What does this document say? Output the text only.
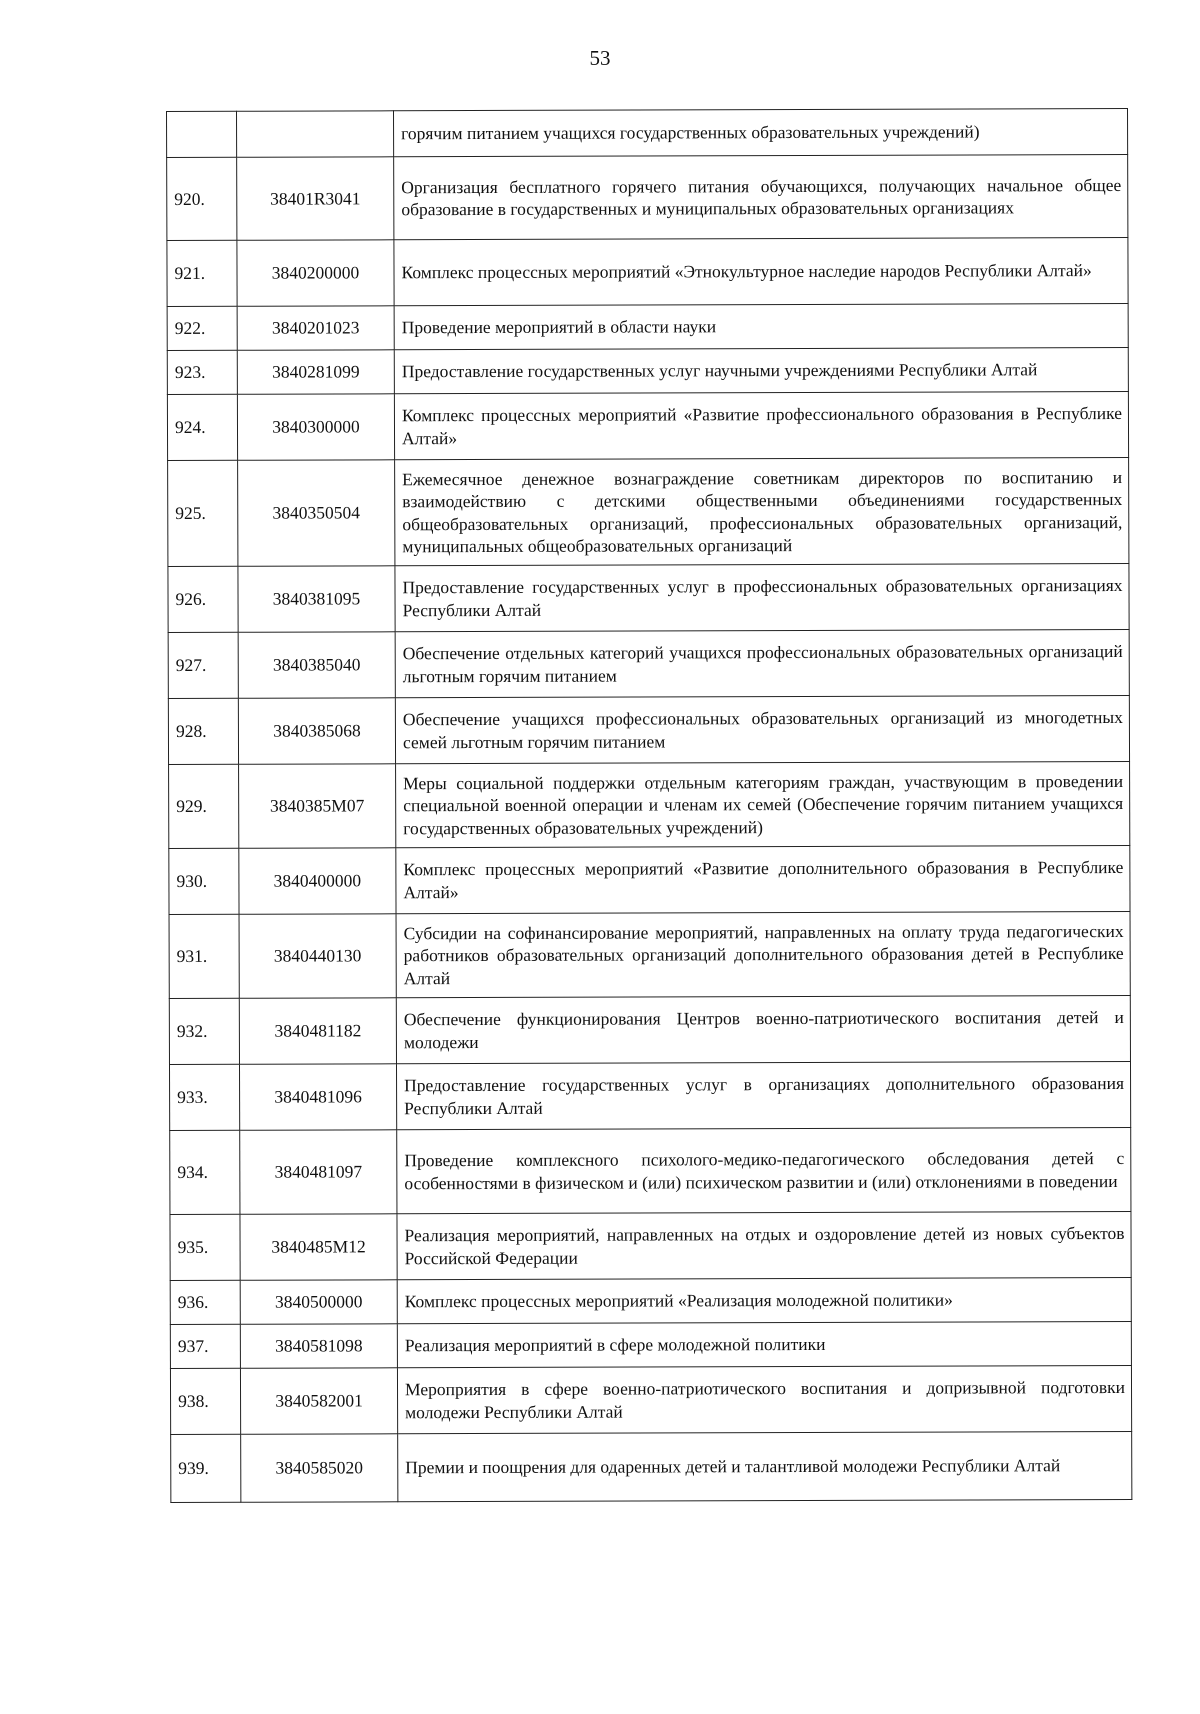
53
		горячим питанием учащихся государственных образовательных учреждений)
920.	38401R3041	Организация бесплатного горячего питания обучающихся, получающих начальное общее образование в государственных и муниципальных образовательных организациях
921.	3840200000	Комплекс процессных мероприятий «Этнокультурное наследие народов Республики Алтай»
922.	3840201023	Проведение мероприятий в области науки
923.	3840281099	Предоставление государственных услуг научными учреждениями Республики Алтай
924.	3840300000	Комплекс процессных мероприятий «Развитие профессионального образования в Республике Алтай»
925.	3840350504	Ежемесячное денежное вознаграждение советникам директоров по воспитанию и взаимодействию с детскими общественными объединениями государственных общеобразовательных организаций, профессиональных образовательных организаций, муниципальных общеобразовательных организаций
926.	3840381095	Предоставление государственных услуг в профессиональных образовательных организациях Республики Алтай
927.	3840385040	Обеспечение отдельных категорий учащихся профессиональных образовательных организаций льготным горячим питанием
928.	3840385068	Обеспечение учащихся профессиональных образовательных организаций из многодетных семей льготным горячим питанием
929.	3840385M07	Меры социальной поддержки отдельным категориям граждан, участвующим в проведении специальной военной операции и членам их семей (Обеспечение горячим питанием учащихся государственных образовательных учреждений)
930.	3840400000	Комплекс процессных мероприятий «Развитие дополнительного образования в Республике Алтай»
931.	3840440130	Субсидии на софинансирование мероприятий, направленных на оплату труда педагогических работников образовательных организаций дополнительного образования детей в Республике Алтай
932.	3840481182	Обеспечение функционирования Центров военно-патриотического воспитания детей и молодежи
933.	3840481096	Предоставление государственных услуг в организациях дополнительного образования Республики Алтай
934.	3840481097	Проведение комплексного психолого-медико-педагогического обследования детей с особенностями в физическом и (или) психическом развитии и (или) отклонениями в поведении
935.	3840485M12	Реализация мероприятий, направленных на отдых и оздоровление детей из новых субъектов Российской Федерации
936.	3840500000	Комплекс процессных мероприятий «Реализация молодежной политики»
937.	3840581098	Реализация мероприятий в сфере молодежной политики
938.	3840582001	Мероприятия в сфере военно-патриотического воспитания и допризывной подготовки молодежи Республики Алтай
939.	3840585020	Премии и поощрения для одаренных детей и талантливой молодежи Республики Алтай
